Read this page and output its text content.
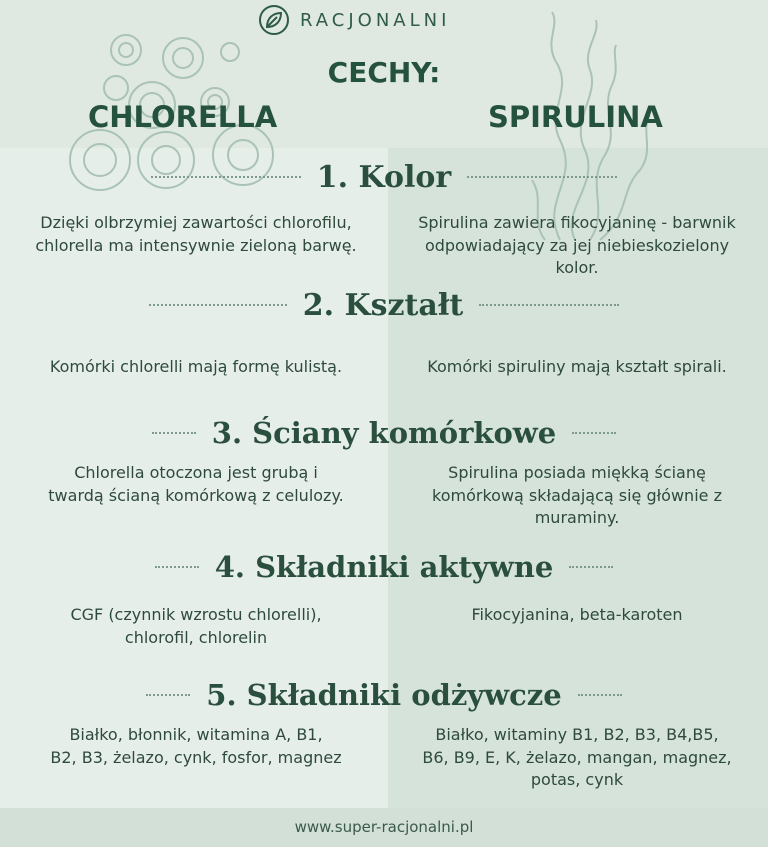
RACJONALNI
CECHY:
CHLORELLA	SPIRULINA
1. Kolor
Dzięki olbrzymiej zawartości chlorofilu,
chlorella ma intensywnie zieloną barwę.
Spirulina zawiera fikocyjaninę - barwnik
odpowiadający za jej niebieskozielony
kolor.
2. Kształt
Komórki chlorelli mają formę kulistą.	Komórki spiruliny mają kształt spirali.
3. Ściany komórkowe
Chlorella otoczona jest grubą i
twardą ścianą komórkową z celulozy.
Spirulina posiada miękką ścianę
komórkową składającą się głównie z
muraminy.
4. Składniki aktywne
CGF (czynnik wzrostu chlorelli),
chlorofil, chlorelin
Fikocyjanina, beta-karoten
5. Składniki odżywcze
Białko, błonnik, witamina A, B1,
B2, B3, żelazo, cynk, fosfor, magnez
Białko, witaminy B1, B2, B3, B4,B5,
B6, B9, E, K, żelazo, mangan, magnez,
potas, cynk
www.super-racjonalni.pl
